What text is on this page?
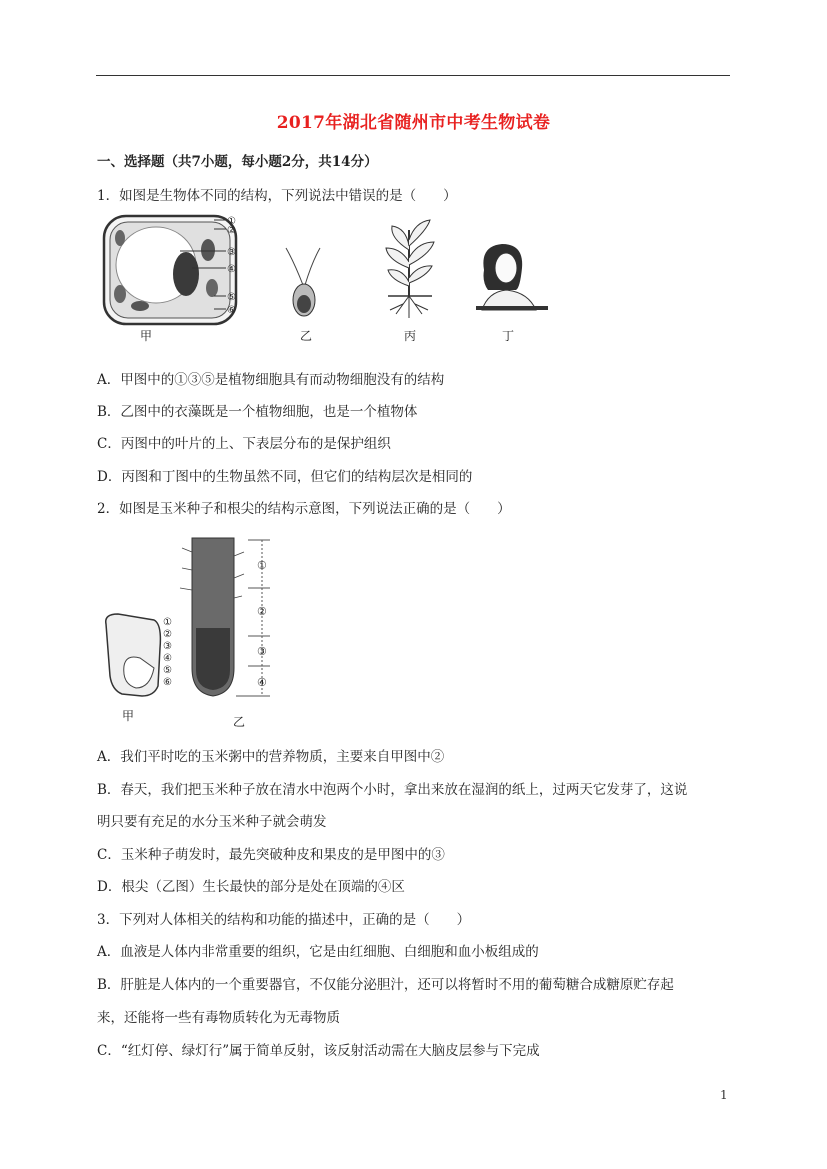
2017年湖北省随州市中考生物试卷
一、选择题（共7小题，每小题2分，共14分）
1．如图是生物体不同的结构，下列说法中错误的是（　　）
①
②
③
④
⑤
⑥
甲	乙	丙	丁
A．甲图中的①③⑤是植物细胞具有而动物细胞没有的结构
B．乙图中的衣藻既是一个植物细胞，也是一个植物体
C．丙图中的叶片的上、下表层分布的是保护组织
D．丙图和丁图中的生物虽然不同，但它们的结构层次是相同的
2．如图是玉米种子和根尖的结构示意图，下列说法正确的是（　　）
①
②
③
④
⑤
⑥
甲
①
②
③
④
乙
A．我们平时吃的玉米粥中的营养物质，主要来自甲图中②
B．春天，我们把玉米种子放在清水中泡两个小时，拿出来放在湿润的纸上，过两天它发芽了，这说
明只要有充足的水分玉米种子就会萌发
C．玉米种子萌发时，最先突破种皮和果皮的是甲图中的③
D．根尖（乙图）生长最快的部分是处在顶端的④区
3．下列对人体相关的结构和功能的描述中，正确的是（　　）
A．血液是人体内非常重要的组织，它是由红细胞、白细胞和血小板组成的
B．肝脏是人体内的一个重要器官，不仅能分泌胆汁，还可以将暂时不用的葡萄糖合成糖原贮存起
来，还能将一些有毒物质转化为无毒物质
C．“红灯停、绿灯行”属于简单反射，该反射活动需在大脑皮层参与下完成
1
